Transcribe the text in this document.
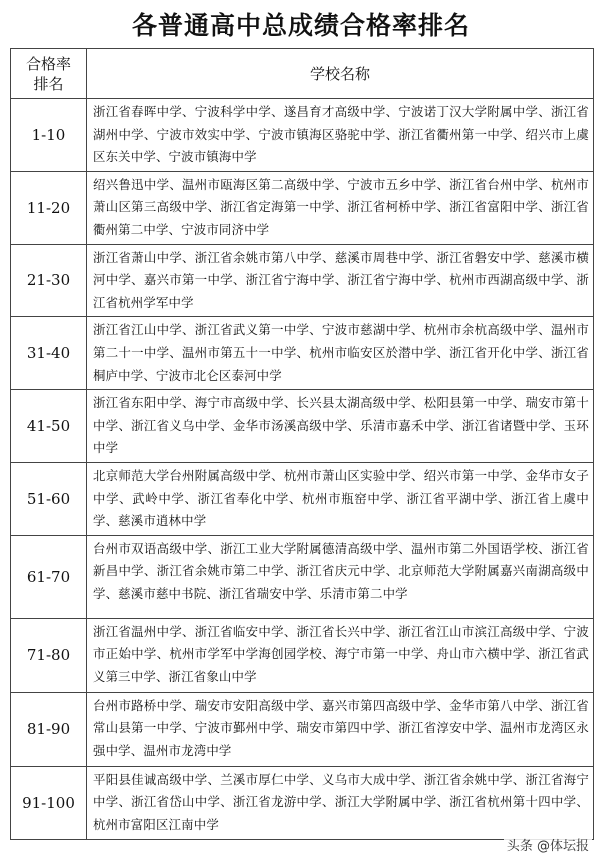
各普通高中总成绩合格率排名
合格率
排名	学校名称
1-10	浙江省春晖中学、宁波科学中学、遂昌育才高级中学、宁波诺丁汉大学附属中学、浙江省湖州中学、宁波市效实中学、宁波市镇海区骆驼中学、浙江省衢州第一中学、绍兴市上虞区东关中学、宁波市镇海中学
11-20	绍兴鲁迅中学、温州市瓯海区第二高级中学、宁波市五乡中学、浙江省台州中学、杭州市萧山区第三高级中学、浙江省定海第一中学、浙江省柯桥中学、浙江省富阳中学、浙江省衢州第二中学、宁波市同济中学
21-30	浙江省萧山中学、浙江省余姚市第八中学、慈溪市周巷中学、浙江省磐安中学、慈溪市横河中学、嘉兴市第一中学、浙江省宁海中学、浙江省宁海中学、杭州市西湖高级中学、浙江省杭州学军中学
31-40	浙江省江山中学、浙江省武义第一中学、宁波市慈湖中学、杭州市余杭高级中学、温州市第二十一中学、温州市第五十一中学、杭州市临安区於潜中学、浙江省开化中学、浙江省桐庐中学、宁波市北仑区泰河中学
41-50	浙江省东阳中学、海宁市高级中学、长兴县太湖高级中学、松阳县第一中学、瑞安市第十中学、浙江省义乌中学、金华市汤溪高级中学、乐清市嘉禾中学、浙江省诸暨中学、玉环中学
51-60	北京师范大学台州附属高级中学、杭州市萧山区实验中学、绍兴市第一中学、金华市女子中学、武岭中学、浙江省奉化中学、杭州市瓶窑中学、浙江省平湖中学、浙江省上虞中学、慈溪市逍林中学
61-70	台州市双语高级中学、浙江工业大学附属德清高级中学、温州市第二外国语学校、浙江省新昌中学、浙江省余姚市第二中学、浙江省庆元中学、北京师范大学附属嘉兴南湖高级中学、慈溪市慈中书院、浙江省瑞安中学、乐清市第二中学
71-80	浙江省温州中学、浙江省临安中学、浙江省长兴中学、浙江省江山市滨江高级中学、宁波市正始中学、杭州市学军中学海创园学校、海宁市第一中学、舟山市六横中学、浙江省武义第三中学、浙江省象山中学
81-90	台州市路桥中学、瑞安市安阳高级中学、嘉兴市第四高级中学、金华市第八中学、浙江省常山县第一中学、宁波市鄞州中学、瑞安市第四中学、浙江省淳安中学、温州市龙湾区永强中学、温州市龙湾中学
91-100	平阳县佳诚高级中学、兰溪市厚仁中学、义乌市大成中学、浙江省余姚中学、浙江省海宁中学、浙江省岱山中学、浙江省龙游中学、浙江大学附属中学、浙江省杭州第十四中学、杭州市富阳区江南中学
头条 @体坛报
